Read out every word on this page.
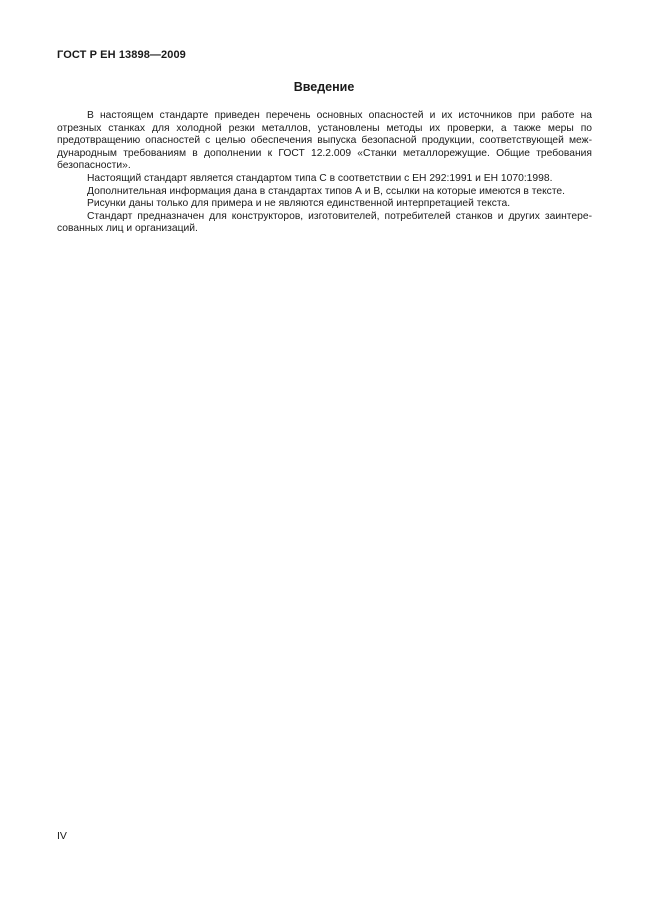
ГОСТ Р ЕН 13898—2009
Введение

В настоящем стандарте приведен перечень основных опасностей и их источников при работе на отрезных станках для холодной резки металлов, установлены методы их проверки, а также меры по предотвращению опасностей с целью обеспечения выпуска безопасной продукции, соответствующей международным требованиям в дополнении к ГОСТ 12.2.009 «Станки металлорежущие. Общие требования безопасности».

Настоящий стандарт является стандартом типа С в соответствии с ЕН 292:1991 и ЕН 1070:1998.

Дополнительная информация дана в стандартах типов А и В, ссылки на которые имеются в тексте.

Рисунки даны только для примера и не являются единственной интерпретацией текста.

Стандарт предназначен для конструкторов, изготовителей, потребителей станков и других заинтересованных лиц и организаций.

IV
